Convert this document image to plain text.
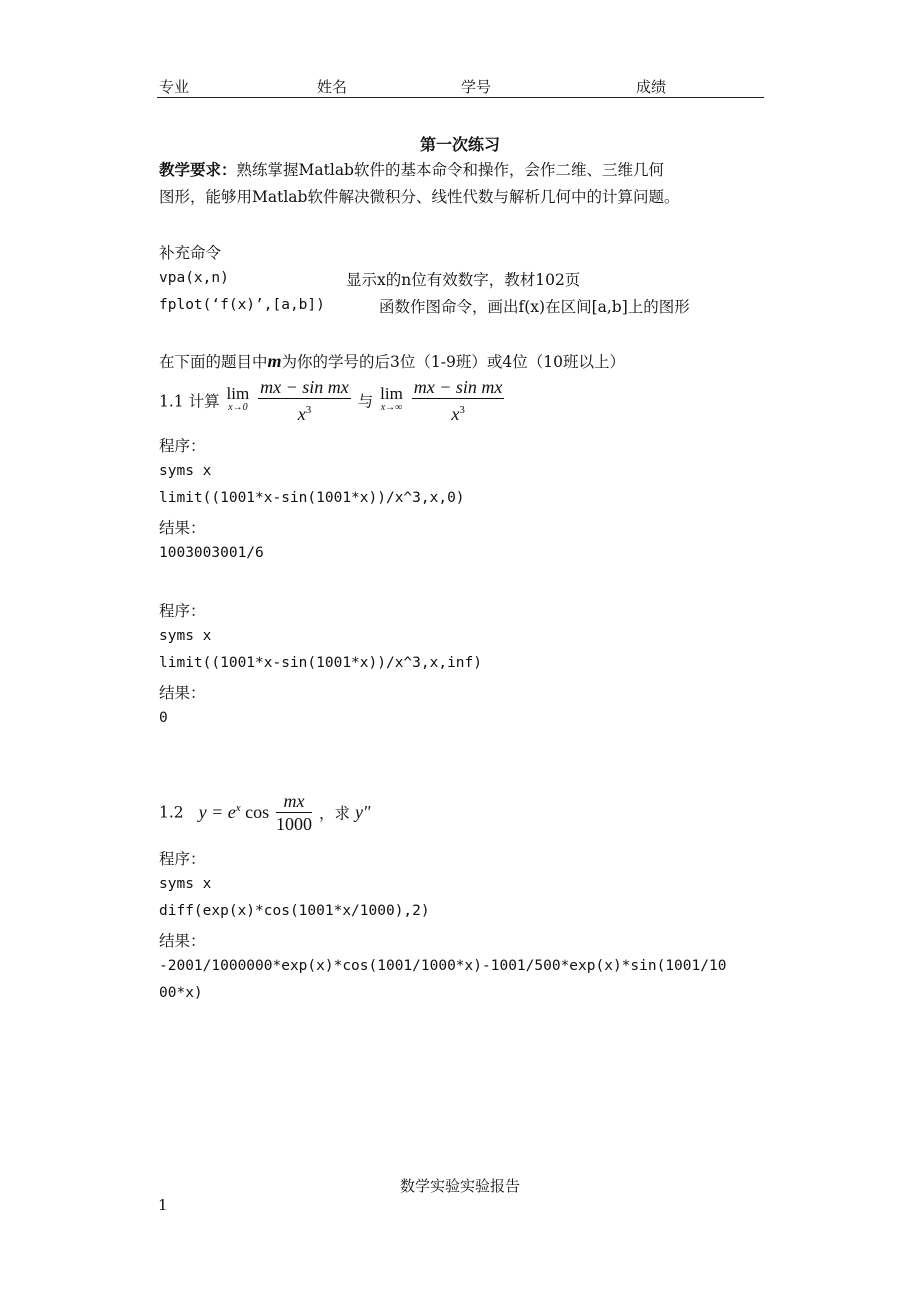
专业	姓名	学号	成绩
第一次练习
教学要求：熟练掌握Matlab软件的基本命令和操作，会作二维、三维几何
图形，能够用Matlab软件解决微积分、线性代数与解析几何中的计算问题。
补充命令
vpa(x,n)	显示x的n位有效数字，教材102页
fplot(‘f(x)’,[a,b])	函数作图命令，画出f(x)在区间[a,b]上的图形
在下面的题目中m为你的学号的后3位（1-9班）或4位（10班以上）
1.1 计算 lim
x→0
$\frac{\text{mx − sin mx}}{x^3}$ 与 lim
x→∞
$\frac{\text{mx − sin mx}}{x^3}$
程序：
syms x
limit((1001*x-sin(1001*x))/x^3,x,0)
结果：
1003003001/6
程序：
syms x
limit((1001*x-sin(1001*x))/x^3,x,inf)
结果：
0
1.2 $y = e^x$ $\cos \frac{mx}{1000}$ ，求 y"
程序：
syms x
diff(exp(x)*cos(1001*x/1000),2)
结果：
-2001/1000000*exp(x)*cos(1001/1000*x)-1001/500*exp(x)*sin(1001/10
00*x)
数学实验实验报告
1
